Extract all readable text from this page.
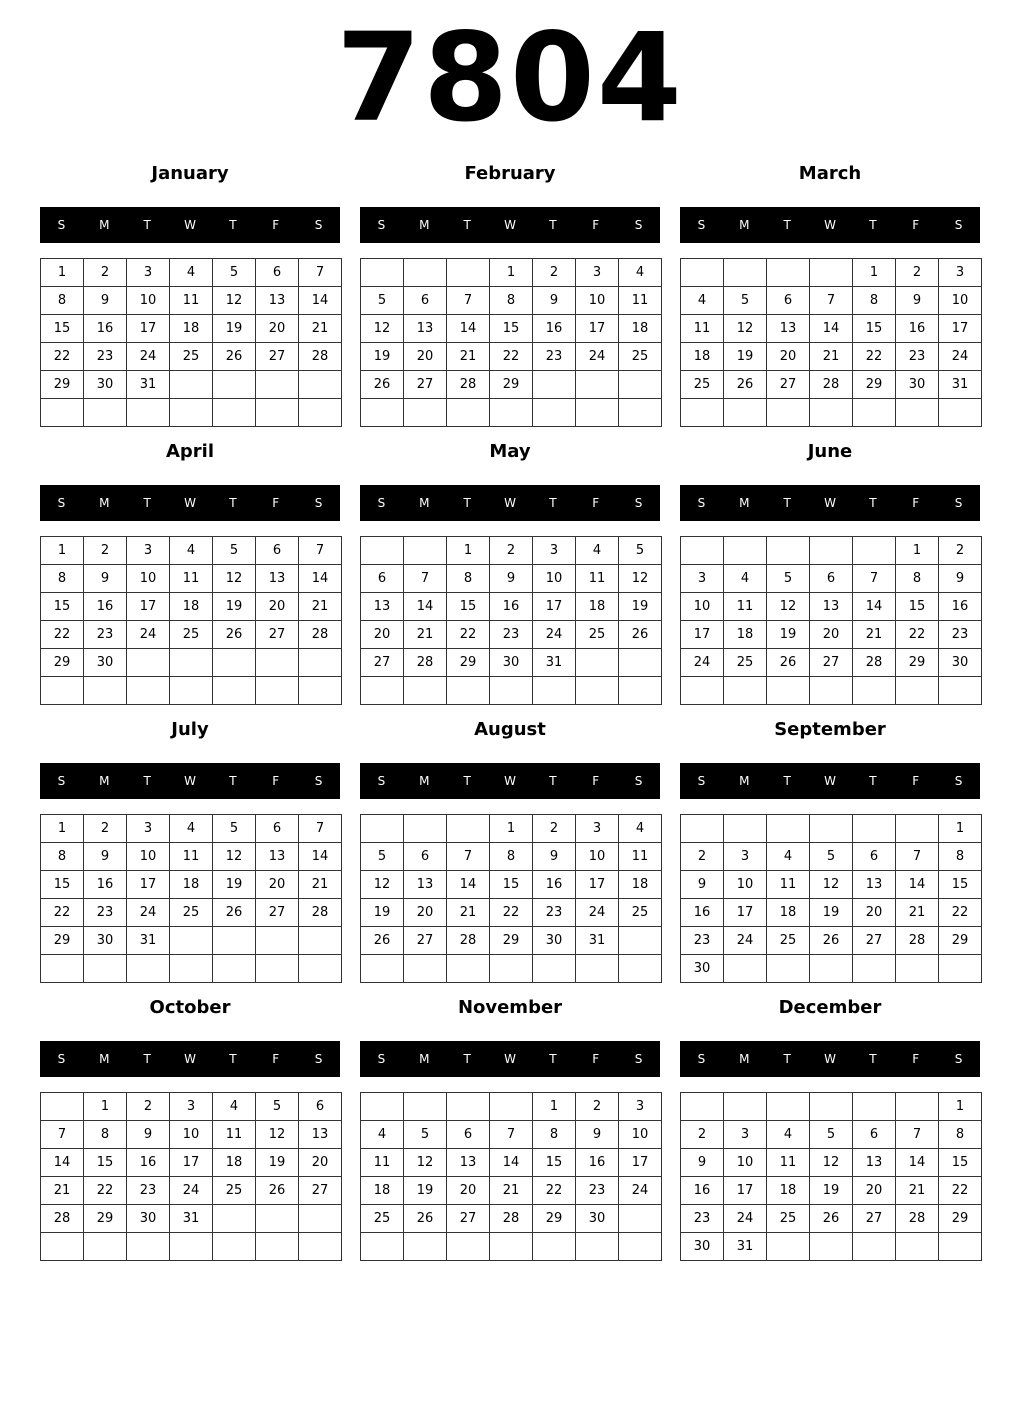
7804
January
S	M	T	W	T	F	S
1	2	3	4	5	6	7
8	9	10	11	12	13	14
15	16	17	18	19	20	21
22	23	24	25	26	27	28
29	30	31				

February
S	M	T	W	T	F	S
			1	2	3	4
5	6	7	8	9	10	11
12	13	14	15	16	17	18
19	20	21	22	23	24	25
26	27	28	29			

March
S	M	T	W	T	F	S
				1	2	3
4	5	6	7	8	9	10
11	12	13	14	15	16	17
18	19	20	21	22	23	24
25	26	27	28	29	30	31

April
S	M	T	W	T	F	S
1	2	3	4	5	6	7
8	9	10	11	12	13	14
15	16	17	18	19	20	21
22	23	24	25	26	27	28
29	30					

May
S	M	T	W	T	F	S
		1	2	3	4	5
6	7	8	9	10	11	12
13	14	15	16	17	18	19
20	21	22	23	24	25	26
27	28	29	30	31		

June
S	M	T	W	T	F	S
					1	2
3	4	5	6	7	8	9
10	11	12	13	14	15	16
17	18	19	20	21	22	23
24	25	26	27	28	29	30

July
S	M	T	W	T	F	S
1	2	3	4	5	6	7
8	9	10	11	12	13	14
15	16	17	18	19	20	21
22	23	24	25	26	27	28
29	30	31				

August
S	M	T	W	T	F	S
			1	2	3	4
5	6	7	8	9	10	11
12	13	14	15	16	17	18
19	20	21	22	23	24	25
26	27	28	29	30	31	

September
S	M	T	W	T	F	S
						1
2	3	4	5	6	7	8
9	10	11	12	13	14	15
16	17	18	19	20	21	22
23	24	25	26	27	28	29
30						
October
S	M	T	W	T	F	S
	1	2	3	4	5	6
7	8	9	10	11	12	13
14	15	16	17	18	19	20
21	22	23	24	25	26	27
28	29	30	31			

November
S	M	T	W	T	F	S
				1	2	3
4	5	6	7	8	9	10
11	12	13	14	15	16	17
18	19	20	21	22	23	24
25	26	27	28	29	30	

December
S	M	T	W	T	F	S
						1
2	3	4	5	6	7	8
9	10	11	12	13	14	15
16	17	18	19	20	21	22
23	24	25	26	27	28	29
30	31					
